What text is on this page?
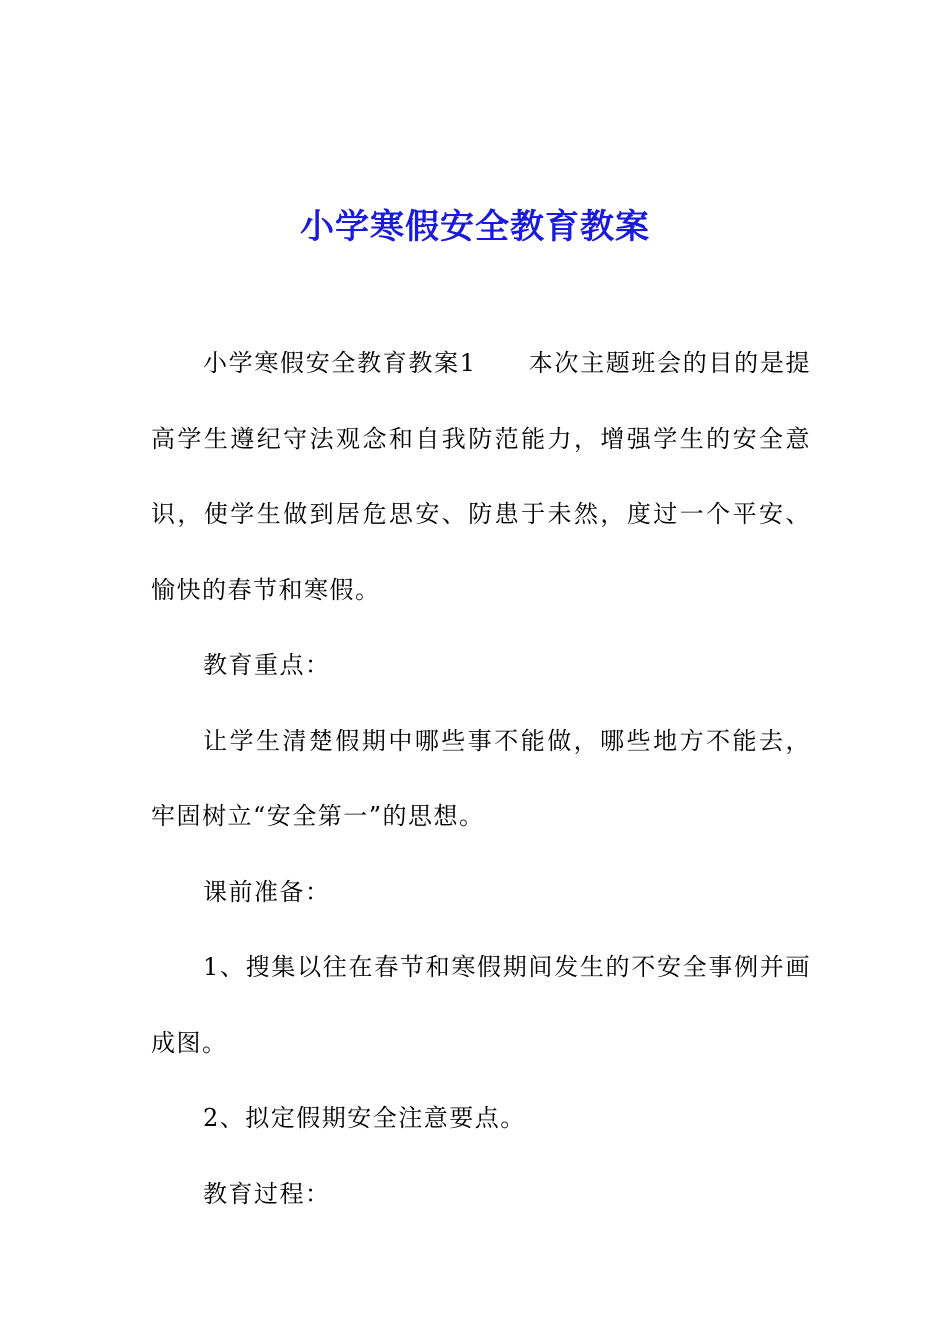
小学寒假安全教育教案

小学寒假安全教育教案1 本次主题班会的目的是提高学生遵纪守法观念和自我防范能力，增强学生的安全意识，使学生做到居危思安、防患于未然，度过一个平安、愉快的春节和寒假。

教育重点：

让学生清楚假期中哪些事不能做，哪些地方不能去，牢固树立“安全第一”的思想。

课前准备：

1、搜集以往在春节和寒假期间发生的不安全事例并画成图。

2、拟定假期安全注意要点。

教育过程：
